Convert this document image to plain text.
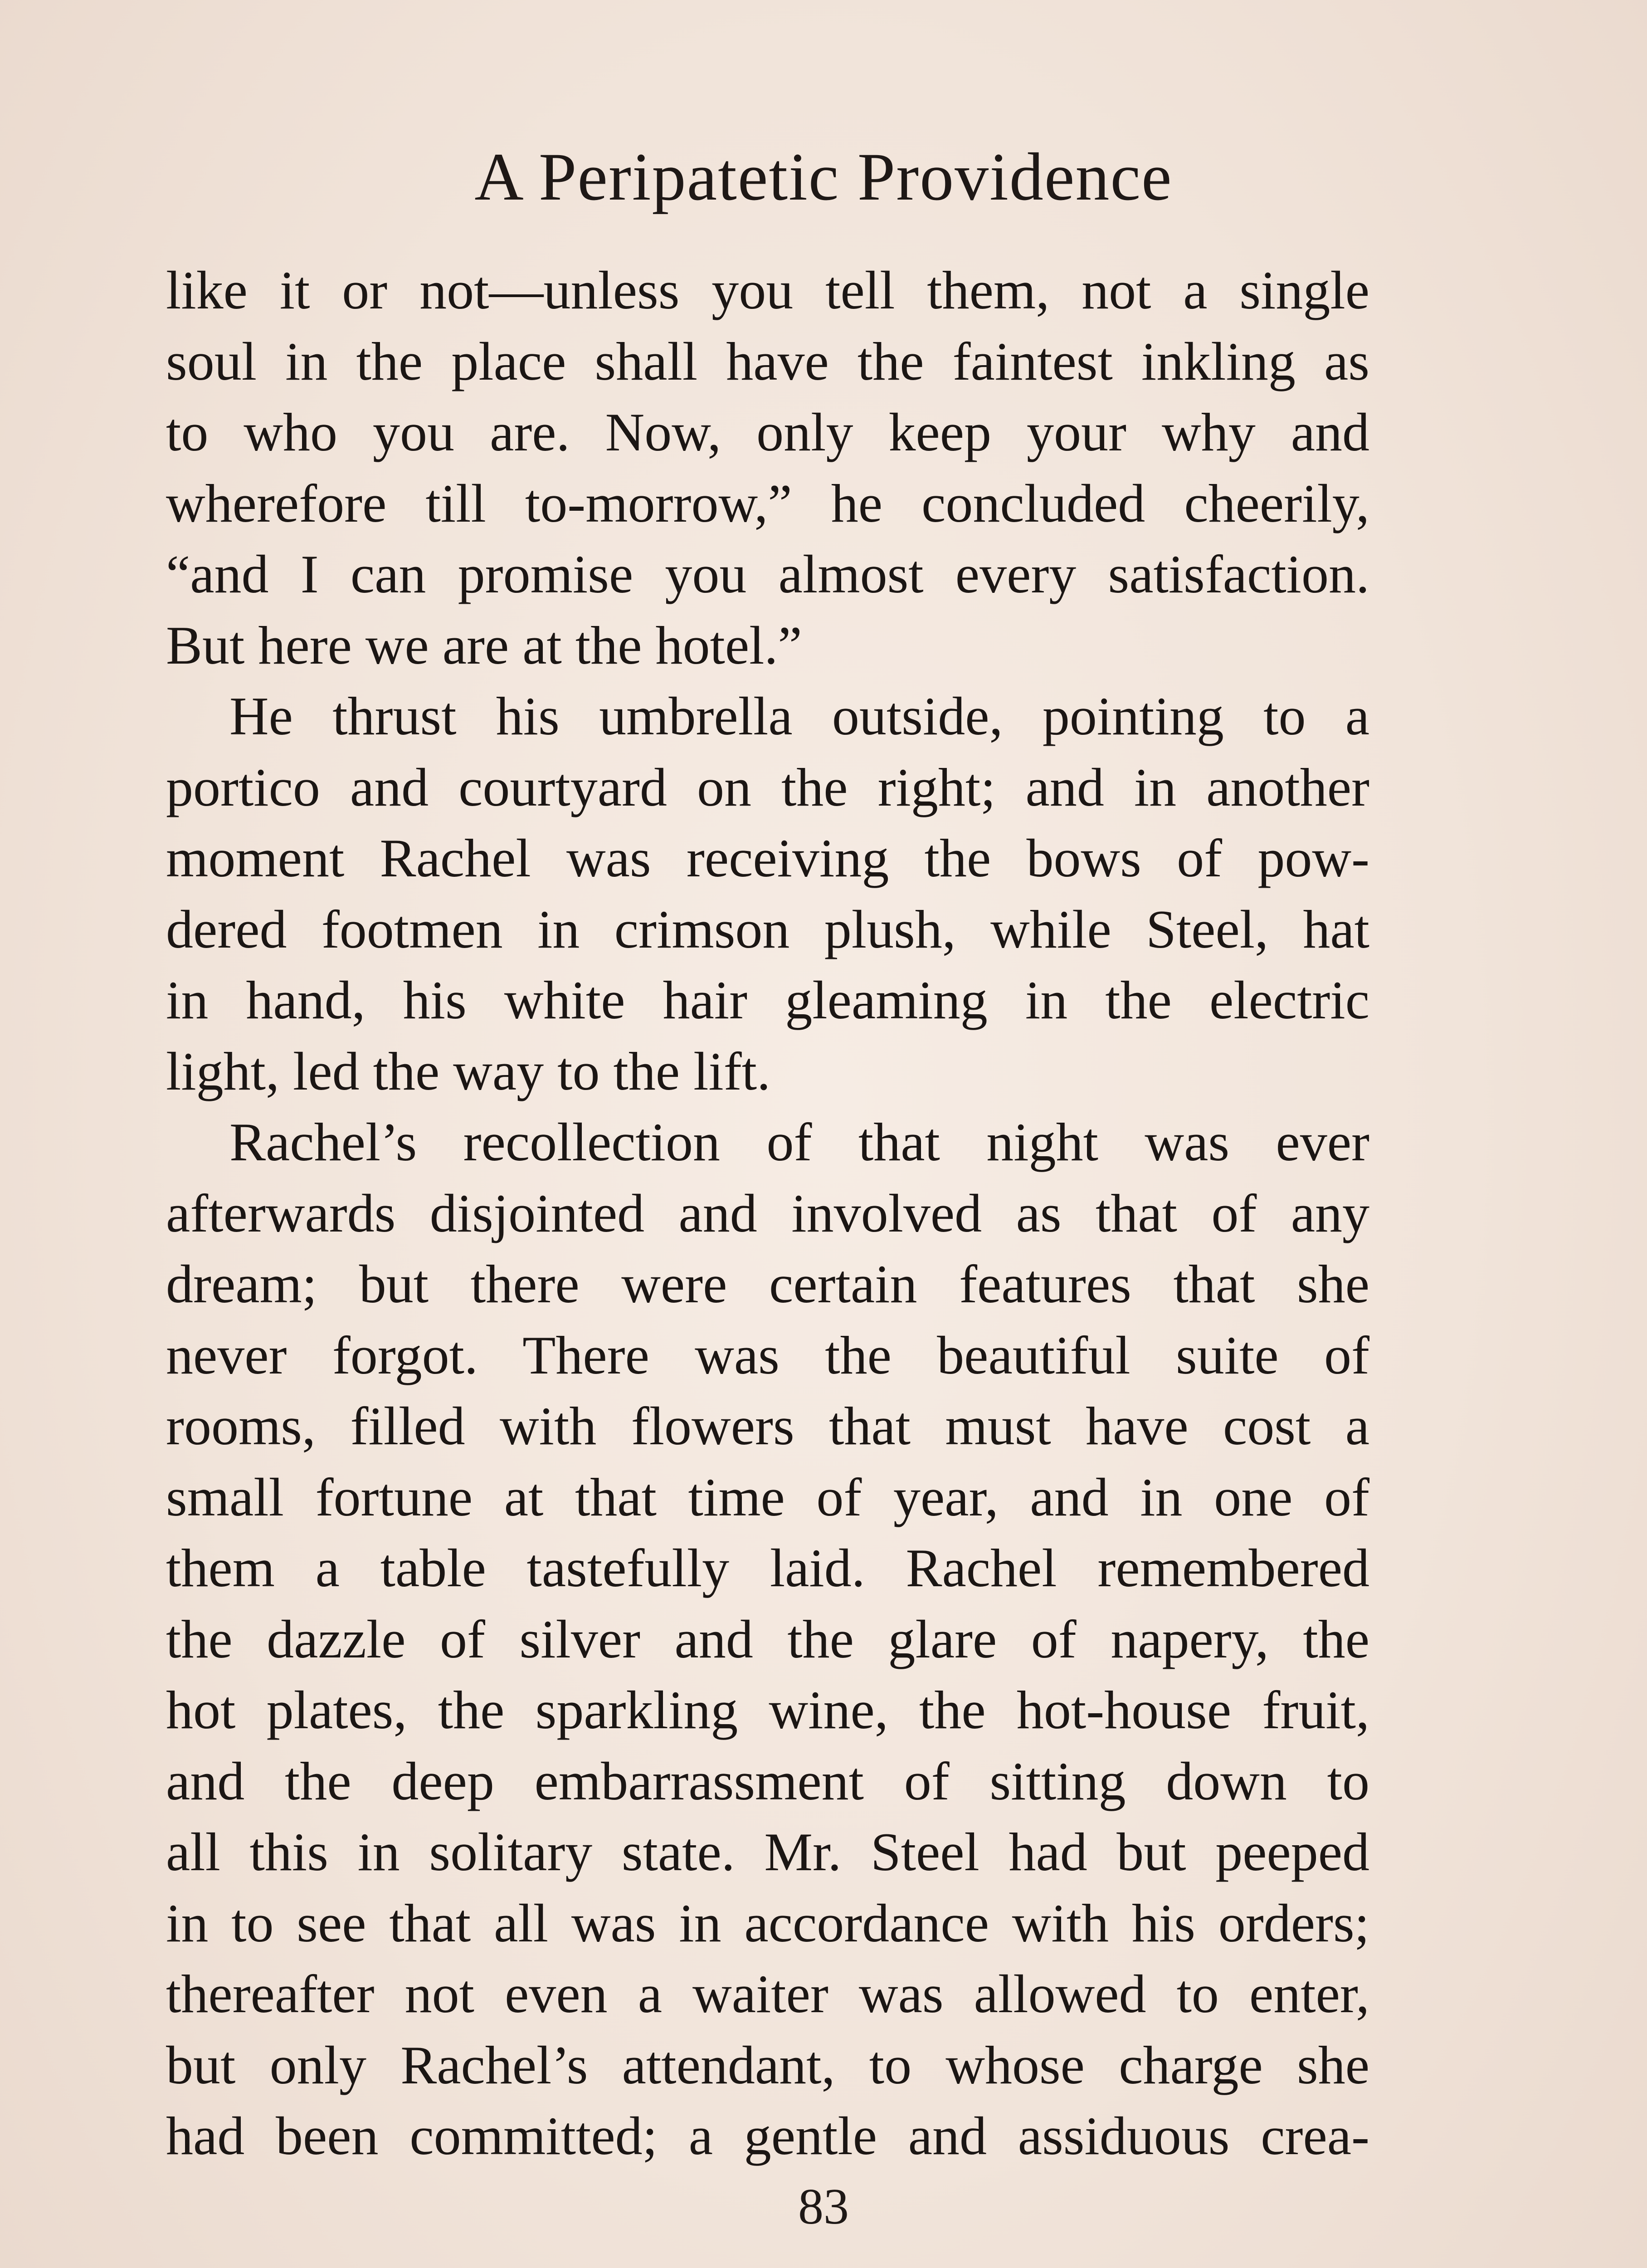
A Peripatetic Providence
like it or not—unless you tell them, not a single
soul in the place shall have the faintest inkling as
to who you are. Now, only keep your why and
wherefore till to-morrow,” he concluded cheerily,
“and I can promise you almost every satisfaction.
But here we are at the hotel.”
He thrust his umbrella outside, pointing to a
portico and courtyard on the right; and in another
moment Rachel was receiving the bows of pow-
dered footmen in crimson plush, while Steel, hat
in hand, his white hair gleaming in the electric
light, led the way to the lift.
Rachel’s recollection of that night was ever
afterwards disjointed and involved as that of any
dream; but there were certain features that she
never forgot. There was the beautiful suite of
rooms, filled with flowers that must have cost a
small fortune at that time of year, and in one of
them a table tastefully laid. Rachel remembered
the dazzle of silver and the glare of napery, the
hot plates, the sparkling wine, the hot-house fruit,
and the deep embarrassment of sitting down to
all this in solitary state. Mr. Steel had but peeped
in to see that all was in accordance with his orders;
thereafter not even a waiter was allowed to enter,
but only Rachel’s attendant, to whose charge she
had been committed; a gentle and assiduous crea-
83
